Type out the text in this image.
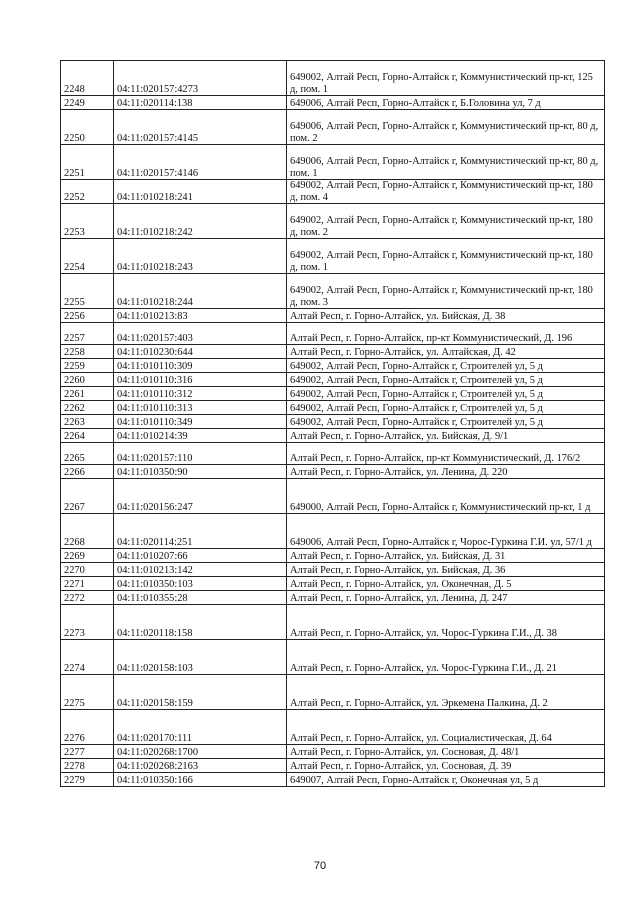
2248	04:11:020157:4273	649002, Алтай Респ, Горно-Алтайск г, Коммунистический пр-кт, 125 д, пом. 1
2249	04:11:020114:138	649006, Алтай Респ, Горно-Алтайск г, Б.Головина ул, 7 д
2250	04:11:020157:4145	649006, Алтай Респ, Горно-Алтайск г, Коммунистический пр-кт, 80 д, пом. 2
2251	04:11:020157:4146	649006, Алтай Респ, Горно-Алтайск г, Коммунистический пр-кт, 80 д, пом. 1
2252	04:11:010218:241	649002, Алтай Респ, Горно-Алтайск г, Коммунистический пр-кт, 180 д, пом. 4
2253	04:11:010218:242	649002, Алтай Респ, Горно-Алтайск г, Коммунистический пр-кт, 180 д, пом. 2
2254	04:11:010218:243	649002, Алтай Респ, Горно-Алтайск г, Коммунистический пр-кт, 180 д, пом. 1
2255	04:11:010218:244	649002, Алтай Респ, Горно-Алтайск г, Коммунистический пр-кт, 180 д, пом. 3
2256	04:11:010213:83	Алтай Респ, г. Горно-Алтайск, ул. Бийская, Д. 38
2257	04:11:020157:403	Алтай Респ, г. Горно-Алтайск, пр-кт Коммунистический, Д. 196
2258	04:11:010230:644	Алтай Респ, г. Горно-Алтайск, ул. Алтайская, Д. 42
2259	04:11:010110:309	649002, Алтай Респ, Горно-Алтайск г, Строителей ул, 5 д
2260	04:11:010110:316	649002, Алтай Респ, Горно-Алтайск г, Строителей ул, 5 д
2261	04:11:010110:312	649002, Алтай Респ, Горно-Алтайск г, Строителей ул, 5 д
2262	04:11:010110:313	649002, Алтай Респ, Горно-Алтайск г, Строителей ул, 5 д
2263	04:11:010110:349	649002, Алтай Респ, Горно-Алтайск г, Строителей ул, 5 д
2264	04:11:010214:39	Алтай Респ, г. Горно-Алтайск, ул. Бийская, Д. 9/1
2265	04:11:020157:110	Алтай Респ, г. Горно-Алтайск, пр-кт Коммунистический, Д. 176/2
2266	04:11:010350:90	Алтай Респ, г. Горно-Алтайск, ул. Ленина, Д. 220
2267	04:11:020156:247	649000, Алтай Респ, Горно-Алтайск г, Коммунистический пр-кт, 1 д
2268	04:11:020114:251	649006, Алтай Респ, Горно-Алтайск г, Чорос-Гуркина Г.И. ул, 57/1 д
2269	04:11:010207:66	Алтай Респ, г. Горно-Алтайск, ул. Бийская, Д. 31
2270	04:11:010213:142	Алтай Респ, г. Горно-Алтайск, ул. Бийская, Д. 36
2271	04:11:010350:103	Алтай Респ, г. Горно-Алтайск, ул. Оконечная, Д. 5
2272	04:11:010355:28	Алтай Респ, г. Горно-Алтайск, ул. Ленина, Д. 247
2273	04:11:020118:158	Алтай Респ, г. Горно-Алтайск, ул. Чорос-Гуркина Г.И., Д. 38
2274	04:11:020158:103	Алтай Респ, г. Горно-Алтайск, ул. Чорос-Гуркина Г.И., Д. 21
2275	04:11:020158:159	Алтай Респ, г. Горно-Алтайск, ул. Эркемена Палкина, Д. 2
2276	04:11:020170:111	Алтай Респ, г. Горно-Алтайск, ул. Социалистическая, Д. 64
2277	04:11:020268:1700	Алтай Респ, г. Горно-Алтайск, ул. Сосновая, Д. 48/1
2278	04:11:020268:2163	Алтай Респ, г. Горно-Алтайск, ул. Сосновая, Д. 39
2279	04:11:010350:166	649007, Алтай Респ, Горно-Алтайск г, Оконечная ул, 5 д
70
